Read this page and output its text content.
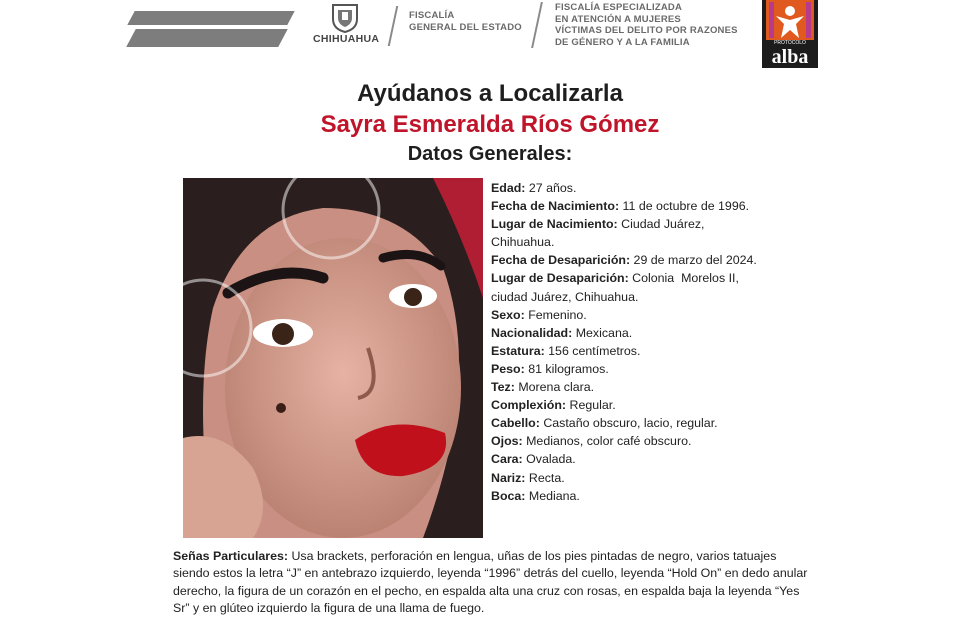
CHIHUAHUA
FISCALÍA
GENERAL DEL ESTADO
FISCALÍA ESPECIALIZADA
EN ATENCIÓN A MUJERES
VÍCTIMAS DEL DELITO POR RAZONES
DE GÉNERO Y A LA FAMILIA	PROTOCOLO
alba
Ayúdanos a Localizarla
Sayra Esmeralda Ríos Gómez
Datos Generales:
Edad: 27 años.
Fecha de Nacimiento: 11 de octubre de 1996.
Lugar de Nacimiento: Ciudad Juárez,
Chihuahua.
Fecha de Desaparición: 29 de marzo del 2024.
Lugar de Desaparición: Colonia  Morelos II,
ciudad Juárez, Chihuahua.
Sexo: Femenino.
Nacionalidad: Mexicana.
Estatura: 156 centímetros.
Peso: 81 kilogramos.
Tez: Morena clara.
Complexión: Regular.
Cabello: Castaño obscuro, lacio, regular.
Ojos: Medianos, color café obscuro.
Cara: Ovalada.
Nariz: Recta.
Boca: Mediana.
Señas Particulares: Usa brackets, perforación en lengua, uñas de los pies pintadas de negro, varios tatuajes siendo estos la letra “J” en antebrazo izquierdo, leyenda “1996” detrás del cuello, leyenda “Hold On” en dedo anular derecho, la figura de un corazón en el pecho, en espalda alta una cruz con rosas, en espalda baja la leyenda “Yes Sr” y en glúteo izquierdo la figura de una llama de fuego.
